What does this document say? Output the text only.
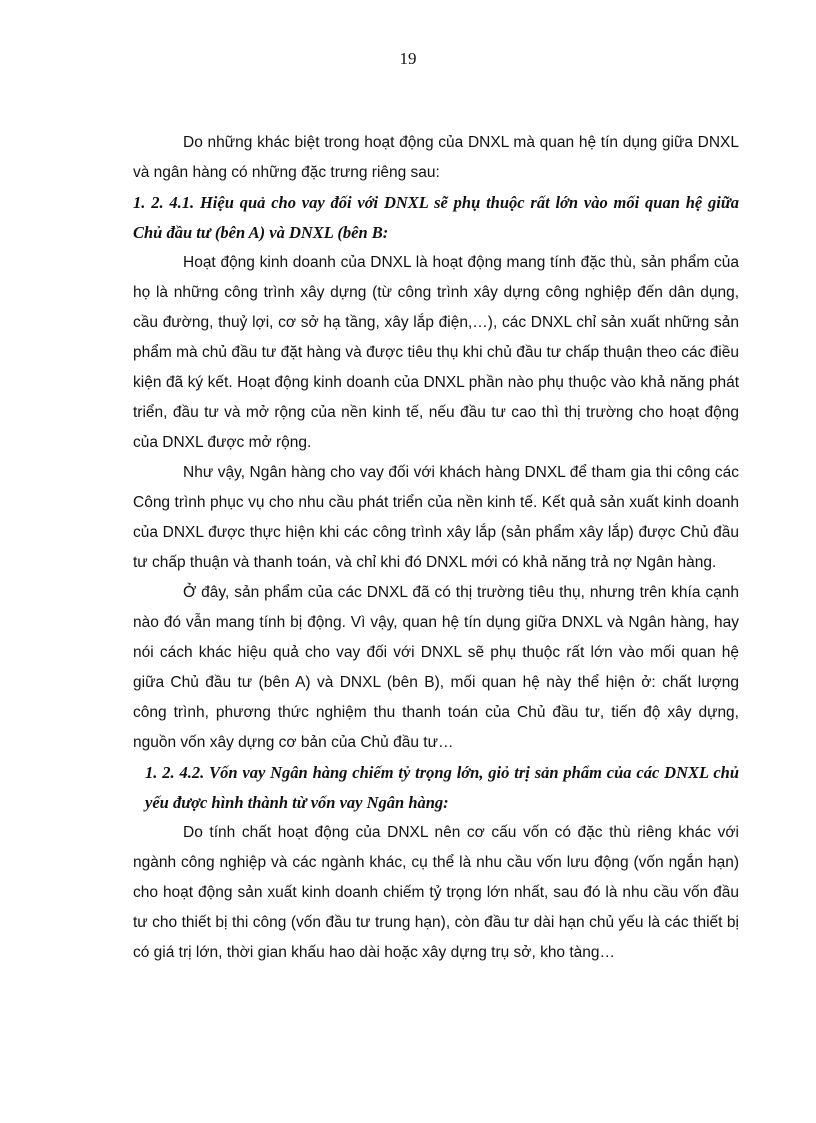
19

Do những khác biệt trong hoạt động của DNXL mà quan hệ tín dụng giữa DNXL và ngân hàng có những đặc trưng riêng sau:

1. 2. 4.1. Hiệu quả cho vay đối với DNXL sẽ phụ thuộc rất lớn vào mối quan hệ giữa Chủ đầu tư (bên A) và DNXL (bên B:

Hoạt động kinh doanh của DNXL là hoạt động mang tính đặc thù, sản phẩm của họ là những công trình xây dựng (từ công trình xây dựng công nghiệp đến dân dụng, cầu đường, thuỷ lợi, cơ sở hạ tầng, xây lắp điện,…), các DNXL chỉ sản xuất những sản phẩm mà chủ đầu tư đặt hàng và được tiêu thụ khi chủ đầu tư chấp thuận theo các điều kiện đã ký kết. Hoạt động kinh doanh của DNXL phần nào phụ thuộc vào khả năng phát triển, đầu tư và mở rộng của nền kinh tế, nếu đầu tư cao thì thị trường cho hoạt động của DNXL được mở rộng.

Như vậy, Ngân hàng cho vay đối với khách hàng DNXL để tham gia thi công các Công trình phục vụ cho nhu cầu phát triển của nền kinh tế. Kết quả sản xuất kinh doanh của DNXL được thực hiện khi các công trình xây lắp (sản phẩm xây lắp) được Chủ đầu tư chấp thuận và thanh toán, và chỉ khi đó DNXL mới có khả năng trả nợ Ngân hàng.

Ở đây, sản phẩm của các DNXL đã có thị trường tiêu thụ, nhưng trên khía cạnh nào đó vẫn mang tính bị động. Vì vậy, quan hệ tín dụng giữa DNXL và Ngân hàng, hay nói cách khác hiệu quả cho vay đối với DNXL sẽ phụ thuộc rất lớn vào mối quan hệ giữa Chủ đầu tư (bên A) và DNXL (bên B), mối quan hệ này thể hiện ở: chất lượng công trình, phương thức nghiệm thu thanh toán của Chủ đầu tư, tiến độ xây dựng, nguồn vốn xây dựng cơ bản của Chủ đầu tư…

1. 2. 4.2. Vốn vay Ngân hàng chiếm tỷ trọng lớn, giỏ trị sản phẩm của các DNXL chủ yếu được hình thành từ vốn vay Ngân hàng:

Do tính chất hoạt động của DNXL nên cơ cấu vốn có đặc thù riêng khác với ngành công nghiệp và các ngành khác, cụ thể là nhu cầu vốn lưu động (vốn ngắn hạn) cho hoạt động sản xuất kinh doanh chiếm tỷ trọng lớn nhất, sau đó là nhu cầu vốn đầu tư cho thiết bị thi công (vốn đầu tư trung hạn), còn đầu tư dài hạn chủ yếu là các thiết bị có giá trị lớn, thời gian khấu hao dài hoặc xây dựng trụ sở, kho tàng…
